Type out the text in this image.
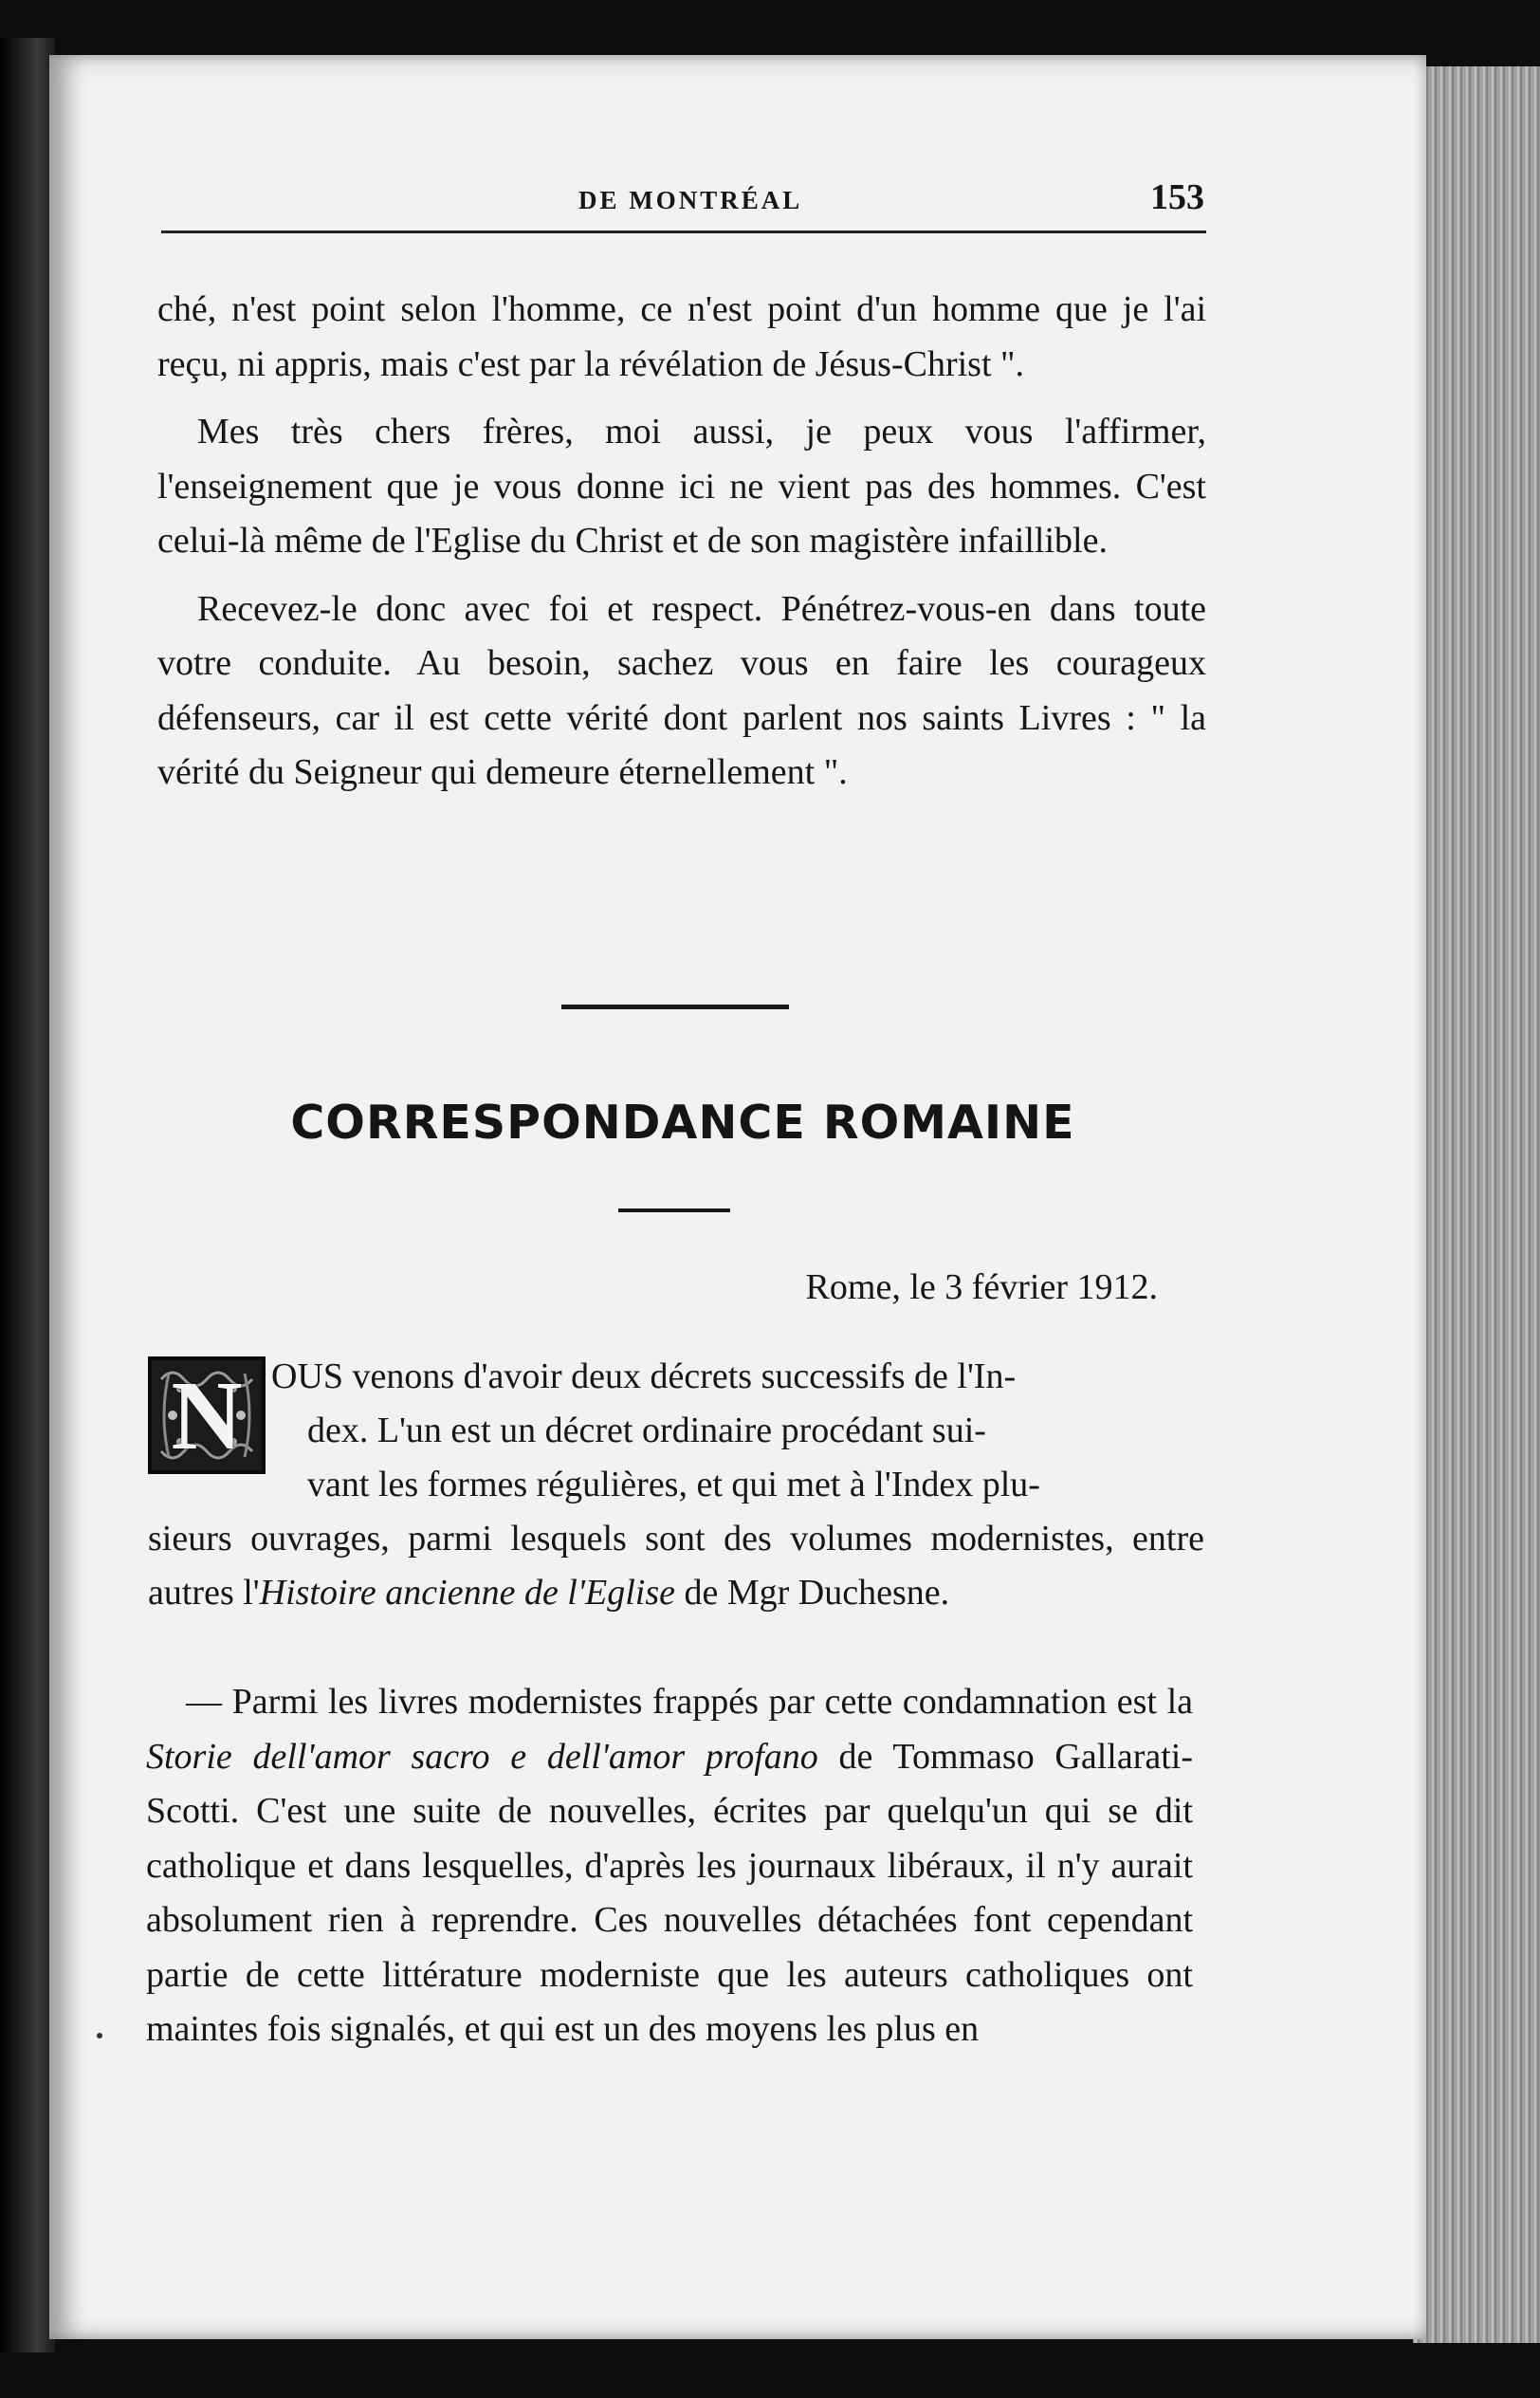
DE MONTRÉAL	153

ché, n'est point selon l'homme, ce n'est point d'un homme que je l'ai reçu, ni appris, mais c'est par la révélation de Jésus-Christ ".

Mes très chers frères, moi aussi, je peux vous l'affirmer, l'enseignement que je vous donne ici ne vient pas des hommes. C'est celui-là même de l'Eglise du Christ et de son magistère infaillible.

Recevez-le donc avec foi et respect. Pénétrez-vous-en dans toute votre conduite. Au besoin, sachez vous en faire les courageux défenseurs, car il est cette vérité dont parlent nos saints Livres : " la vérité du Seigneur qui demeure éternellement ".

CORRESPONDANCE ROMAINE
Rome, le 3 février 1912.
N OUS venons d'avoir deux décrets successifs de l'In-
dex. L'un est un décret ordinaire procédant sui-
vant les formes régulières, et qui met à l'Index plu-

sieurs ouvrages, parmi lesquels sont des volumes modernistes, entre autres l'Histoire ancienne de l'Eglise de Mgr Duchesne.

— Parmi les livres modernistes frappés par cette condamnation est la Storie dell'amor sacro e dell'amor profano de Tommaso Gallarati-Scotti. C'est une suite de nouvelles, écrites par quelqu'un qui se dit catholique et dans lesquelles, d'après les journaux libéraux, il n'y aurait absolument rien à reprendre. Ces nouvelles détachées font cependant partie de cette littérature moderniste que les auteurs catholiques ont maintes fois signalés, et qui est un des moyens les plus en
